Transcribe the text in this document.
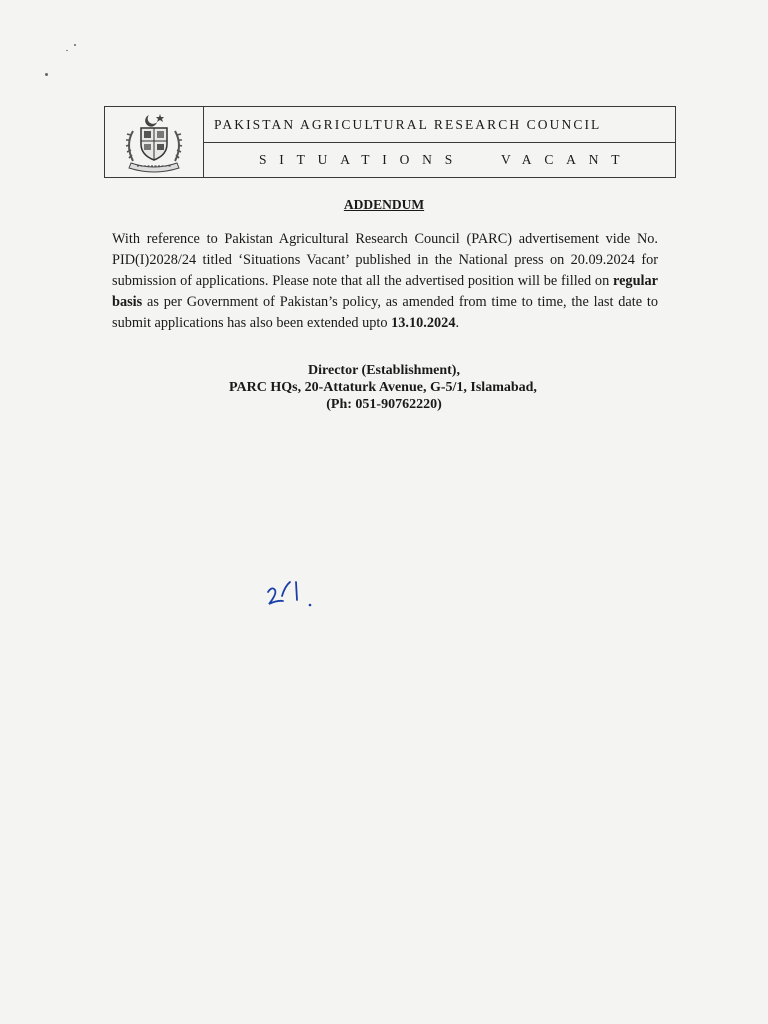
PAKISTAN AGRICULTURAL RESEARCH COUNCIL
SITUATIONS	VACANT
ADDENDUM
With reference to Pakistan Agricultural Research Council (PARC) advertisement vide No. PID(I)2028/24 titled ‘Situations Vacant’ published in the National press on 20.09.2024 for submission of applications. Please note that all the advertised position will be filled on regular basis as per Government of Pakistan’s policy, as amended from time to time, the last date to submit applications has also been extended upto 13.10.2024.
Director (Establishment),
PARC HQs, 20-Attaturk Avenue, G-5/1, Islamabad,
(Ph: 051-90762220)
